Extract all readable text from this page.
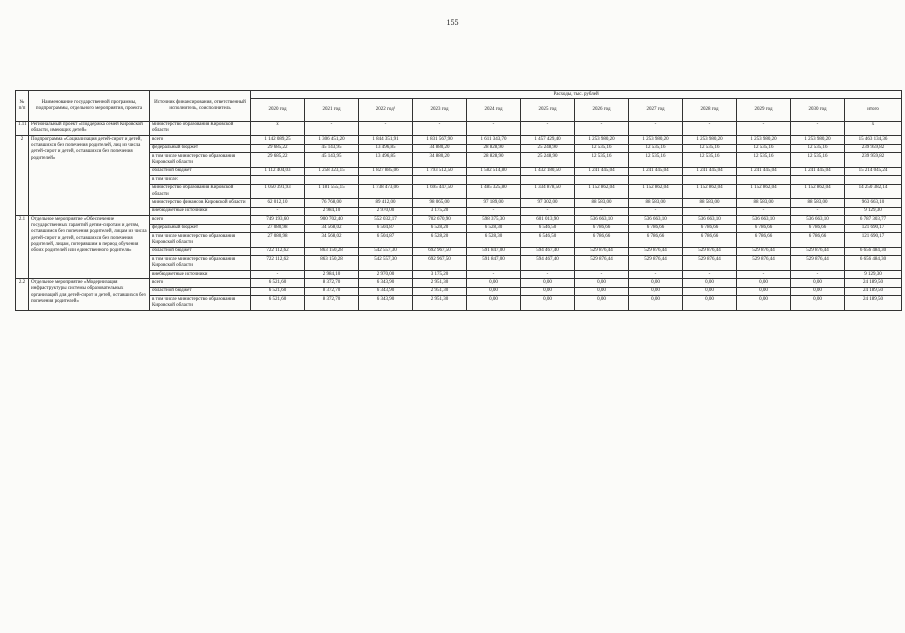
155
№ п/п	Наименование государственной программы, подпрограммы, отдельного мероприятия, проекта	Источник финансирования, ответственный исполнитель, соисполнитель	Расходы, тыс. рублей											
			2020 год	2021 год	2022 год¹	2023 год	2024 год	2025 год	2026 год	2027 год	2028 год	2029 год	2030 год	итого
1.11	Региональный проект «Поддержка семей Кировской области, имеющих детей»	министерство образования Кировской области	х	-	-	-	-	-	-	-	-	-	-	х
2	Подпрограмма «Социализация детей-сирот и детей, оставшихся без попечения родителей, лиц из числа детей-сирот и детей, оставшихся без попечения родителей»	всего	1 142 089,25	1 306 451,20	1 844 351,91	1 831 567,90	1 611 343,70	1 457 429,40	1 253 980,20	1 253 980,20	1 253 980,20	1 253 980,20	1 253 980,20	15 463 134,36
		федеральный бюджет	29 685,22	45 143,95	13 496,85	34 880,20	28 828,90	25 248,90	12 535,16	12 535,16	12 535,16	12 535,16	12 535,16	239 959,82
		в том числе министерство образования Кировской области	29 685,22	45 143,95	13 496,85	34 880,20	28 828,90	25 248,90	12 535,16	12 535,16	12 535,16	12 535,16	12 535,16	239 959,82
		областной бюджет	1 112 404,03	1 258 323,15	1 827 885,06	1 793 512,50	1 582 514,80	1 432 180,50	1 241 445,04	1 241 445,04	1 241 445,04	1 241 445,04	1 241 445,04	15 214 045,24
		в том числе:												
		министерство образования Кировской области	1 050 391,93	1 181 555,15	1 738 473,06	1 695 447,50	1 485 325,80	1 334 878,50	1 152 862,04	1 152 862,04	1 152 862,04	1 152 862,04	1 152 862,04	14 250 382,14
		министерство финансов Кировской области	62 012,10	76 768,00	89 412,00	98 065,00	97 189,00	97 302,00	88 583,00	88 583,00	88 583,00	88 583,00	88 583,00	963 663,10
		внебюджетные источники	-	2 984,10	2 970,00	3 175,20	-	-	-	-	-	-	-	9 129,30
2.1	Отдельное мероприятие «Обеспечение государственных гарантий детям-сиротам и детям, оставшимся без попечения родителей, лицам из числа детей-сирот и детей, оставшихся без попечения родителей, лицам, потерявшим в период обучения обоих родителей или единственного родителя»	всего	749 193,60	900 702,40	552 032,17	702 670,90	598 375,30	601 013,90	536 663,10	536 663,10	536 663,10	536 663,10	536 663,10	6 787 303,77
		федеральный бюджет	27 080,98	34 568,02	6 504,87	6 528,20	6 528,30	6 546,50	6 786,66	6 786,66	6 786,66	6 786,66	6 786,66	121 690,17
		в том числе министерство образования Кировской области	27 080,98	34 568,02	6 504,87	6 528,20	6 528,30	6 546,50	6 786,66	6 786,66	6 786,66	6 786,66	6 786,66	121 690,17
		областной бюджет	722 112,62	863 150,28	542 557,30	692 967,50	591 847,00	594 467,40	529 876,44	529 876,44	529 876,44	529 876,44	529 876,44	6 656 484,30
		в том числе министерство образования Кировской области	722 112,62	863 150,28	542 557,30	692 967,50	591 847,00	594 467,40	529 876,44	529 876,44	529 876,44	529 876,44	529 876,44	6 656 484,30
		внебюджетные источники	-	2 984,10	2 970,00	3 175,20	-	-	-	-	-	-	-	9 129,30
2.2	Отдельное мероприятие «Модернизация инфраструктуры системы образовательных организаций для детей-сирот и детей, оставшихся без попечения родителей»	всего	6 521,60	8 372,70	6 343,90	2 951,30	0,00	0,00	0,00	0,00	0,00	0,00	0,00	24 189,50
		областной бюджет	6 521,60	8 372,70	6 343,90	2 951,30	0,00	0,00	0,00	0,00	0,00	0,00	0,00	24 189,50
		в том числе министерство образования Кировской области	6 521,60	8 372,70	6 343,90	2 951,30	0,00	0,00	0,00	0,00	0,00	0,00	0,00	24 189,50
